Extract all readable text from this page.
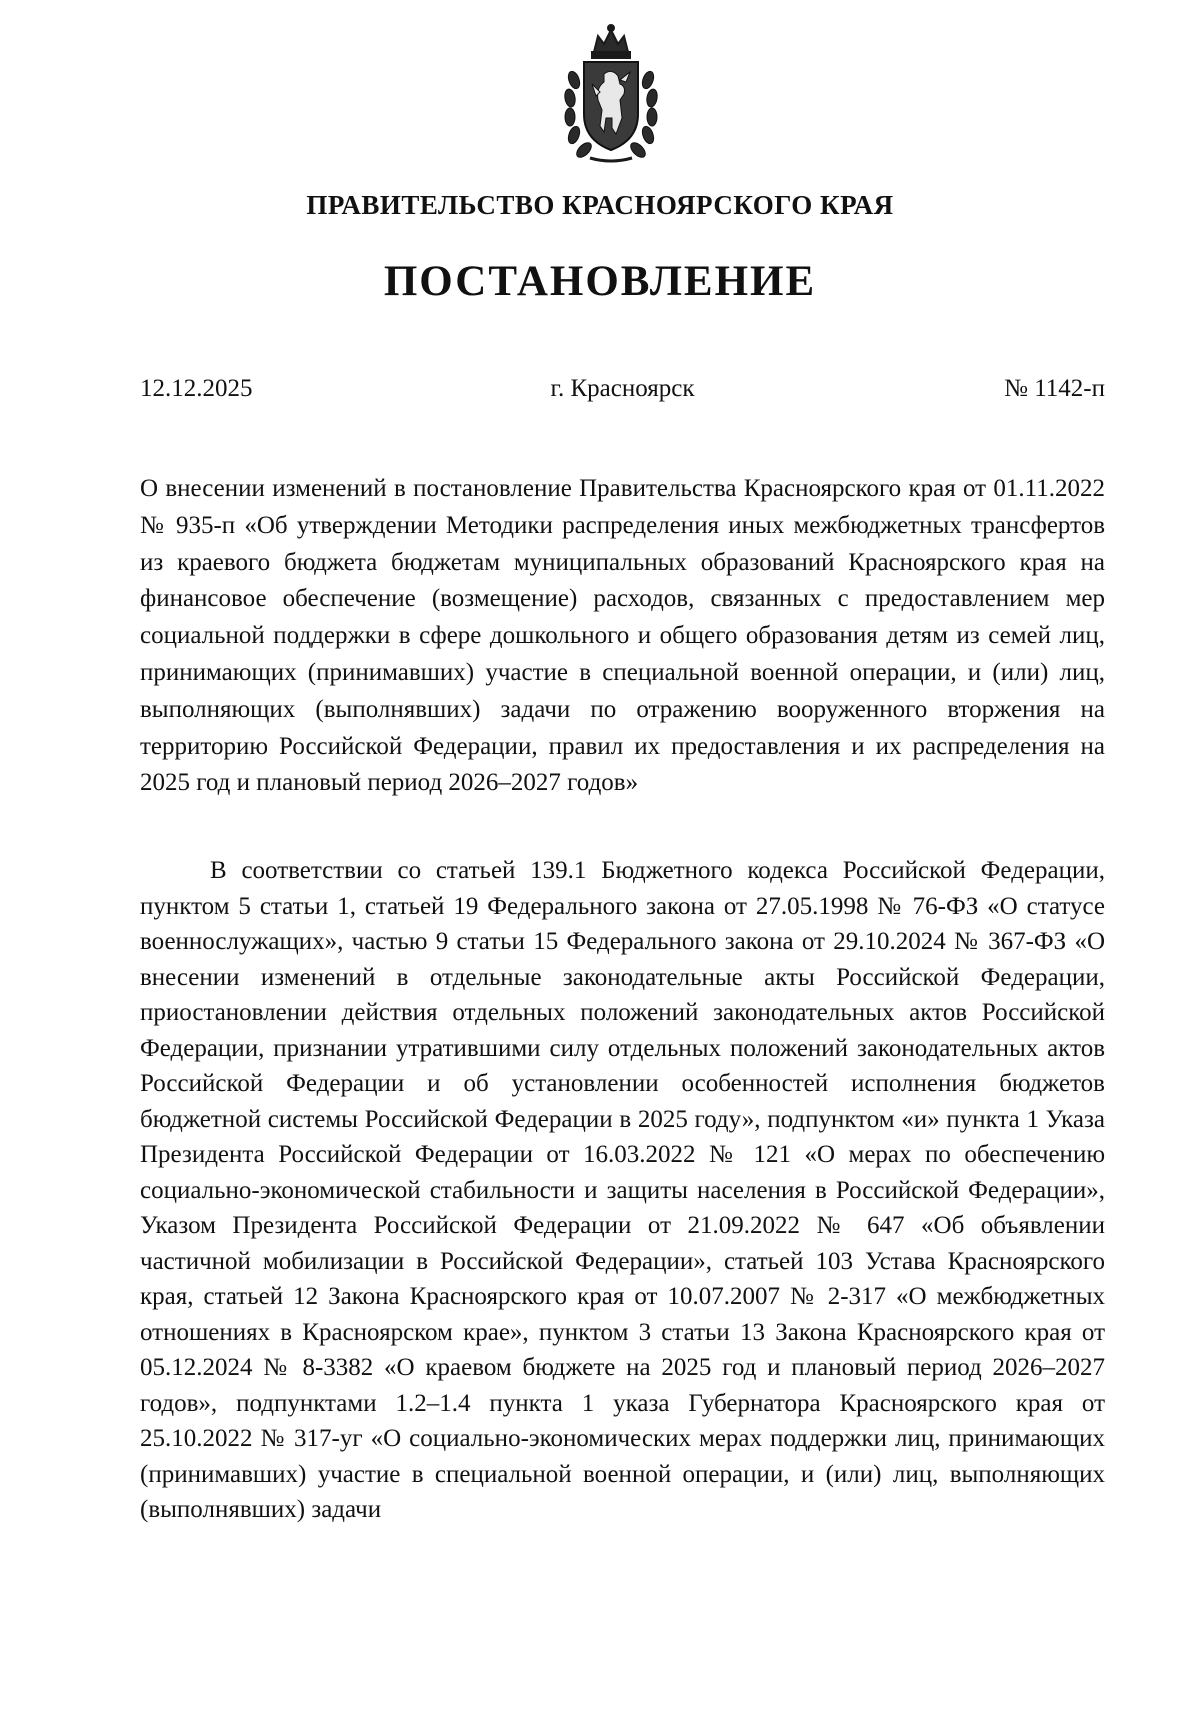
ПРАВИТЕЛЬСТВО КРАСНОЯРСКОГО КРАЯ
ПОСТАНОВЛЕНИЕ
12.12.2025	г. Красноярск	№ 1142-п

О внесении изменений в постановление Правительства Красноярского края от 01.11.2022 № 935-п «Об утверждении Методики распределения иных межбюджетных трансфертов из краевого бюджета бюджетам муниципальных образований Красноярского края на финансовое обеспечение (возмещение) расходов, связанных с предоставлением мер социальной поддержки в сфере дошкольного и общего образования детям из семей лиц, принимающих (принимавших) участие в специальной военной операции, и (или) лиц, выполняющих (выполнявших) задачи по отражению вооруженного вторжения на территорию Российской Федерации, правил их предоставления и их распределения на 2025 год и плановый период 2026–2027 годов»

В соответствии со статьей 139.1 Бюджетного кодекса Российской Федерации, пунктом 5 статьи 1, статьей 19 Федерального закона от 27.05.1998 № 76-ФЗ «О статусе военнослужащих», частью 9 статьи 15 Федерального закона от 29.10.2024 № 367-ФЗ «О внесении изменений в отдельные законодательные акты Российской Федерации, приостановлении действия отдельных положений законодательных актов Российской Федерации, признании утратившими силу отдельных положений законодательных актов Российской Федерации и об установлении особенностей исполнения бюджетов бюджетной системы Российской Федерации в 2025 году», подпунктом «и» пункта 1 Указа Президента Российской Федерации от 16.03.2022 № 121 «О мерах по обеспечению социально-экономической стабильности и защиты населения в Российской Федерации», Указом Президента Российской Федерации от 21.09.2022 № 647 «Об объявлении частичной мобилизации в Российской Федерации», статьей 103 Устава Красноярского края, статьей 12 Закона Красноярского края от 10.07.2007 № 2-317 «О межбюджетных отношениях в Красноярском крае», пунктом 3 статьи 13 Закона Красноярского края от 05.12.2024 № 8-3382 «О краевом бюджете на 2025 год и плановый период 2026–2027 годов», подпунктами 1.2–1.4 пункта 1 указа Губернатора Красноярского края от 25.10.2022 № 317-уг «О социально-экономических мерах поддержки лиц, принимающих (принимавших) участие в специальной военной операции, и (или) лиц, выполняющих (выполнявших) задачи
